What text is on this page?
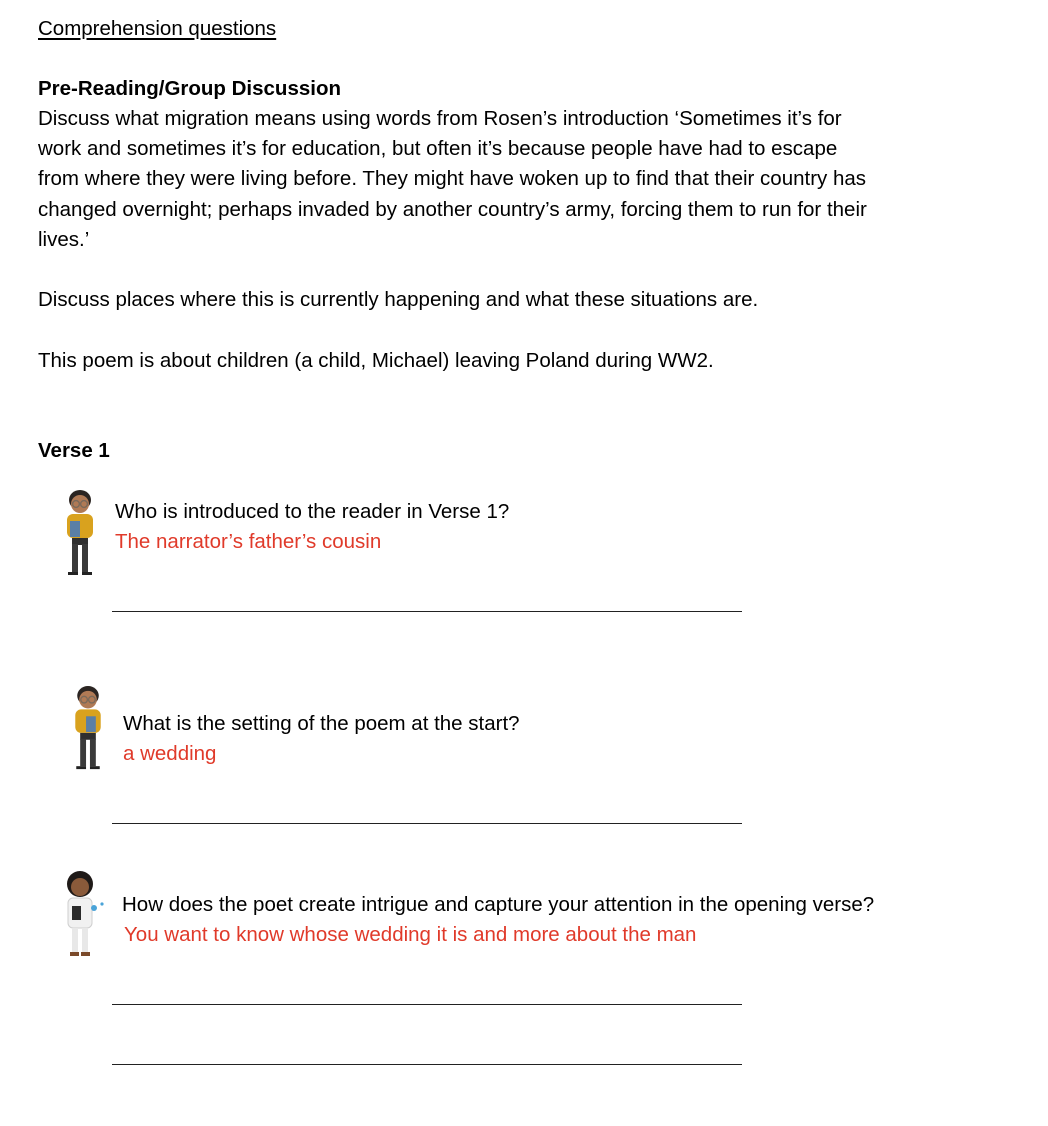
Comprehension questions
Pre-Reading/Group Discussion
Discuss what migration means using words from Rosen’s introduction ‘Sometimes it’s for
work and sometimes it’s for education, but often it’s because people have had to escape
from where they were living before. They might have woken up to find that their country has
changed overnight; perhaps invaded by another country’s army, forcing them to run for their
lives.’
Discuss places where this is currently happening and what these situations are.
This poem is about children (a child, Michael) leaving Poland during WW2.
Verse 1
Who is introduced to the reader in Verse 1?
The narrator’s father’s cousin
What is the setting of the poem at the start?
a wedding
How does the poet create intrigue and capture your attention in the opening verse?
You want to know whose wedding it is and more about the man
